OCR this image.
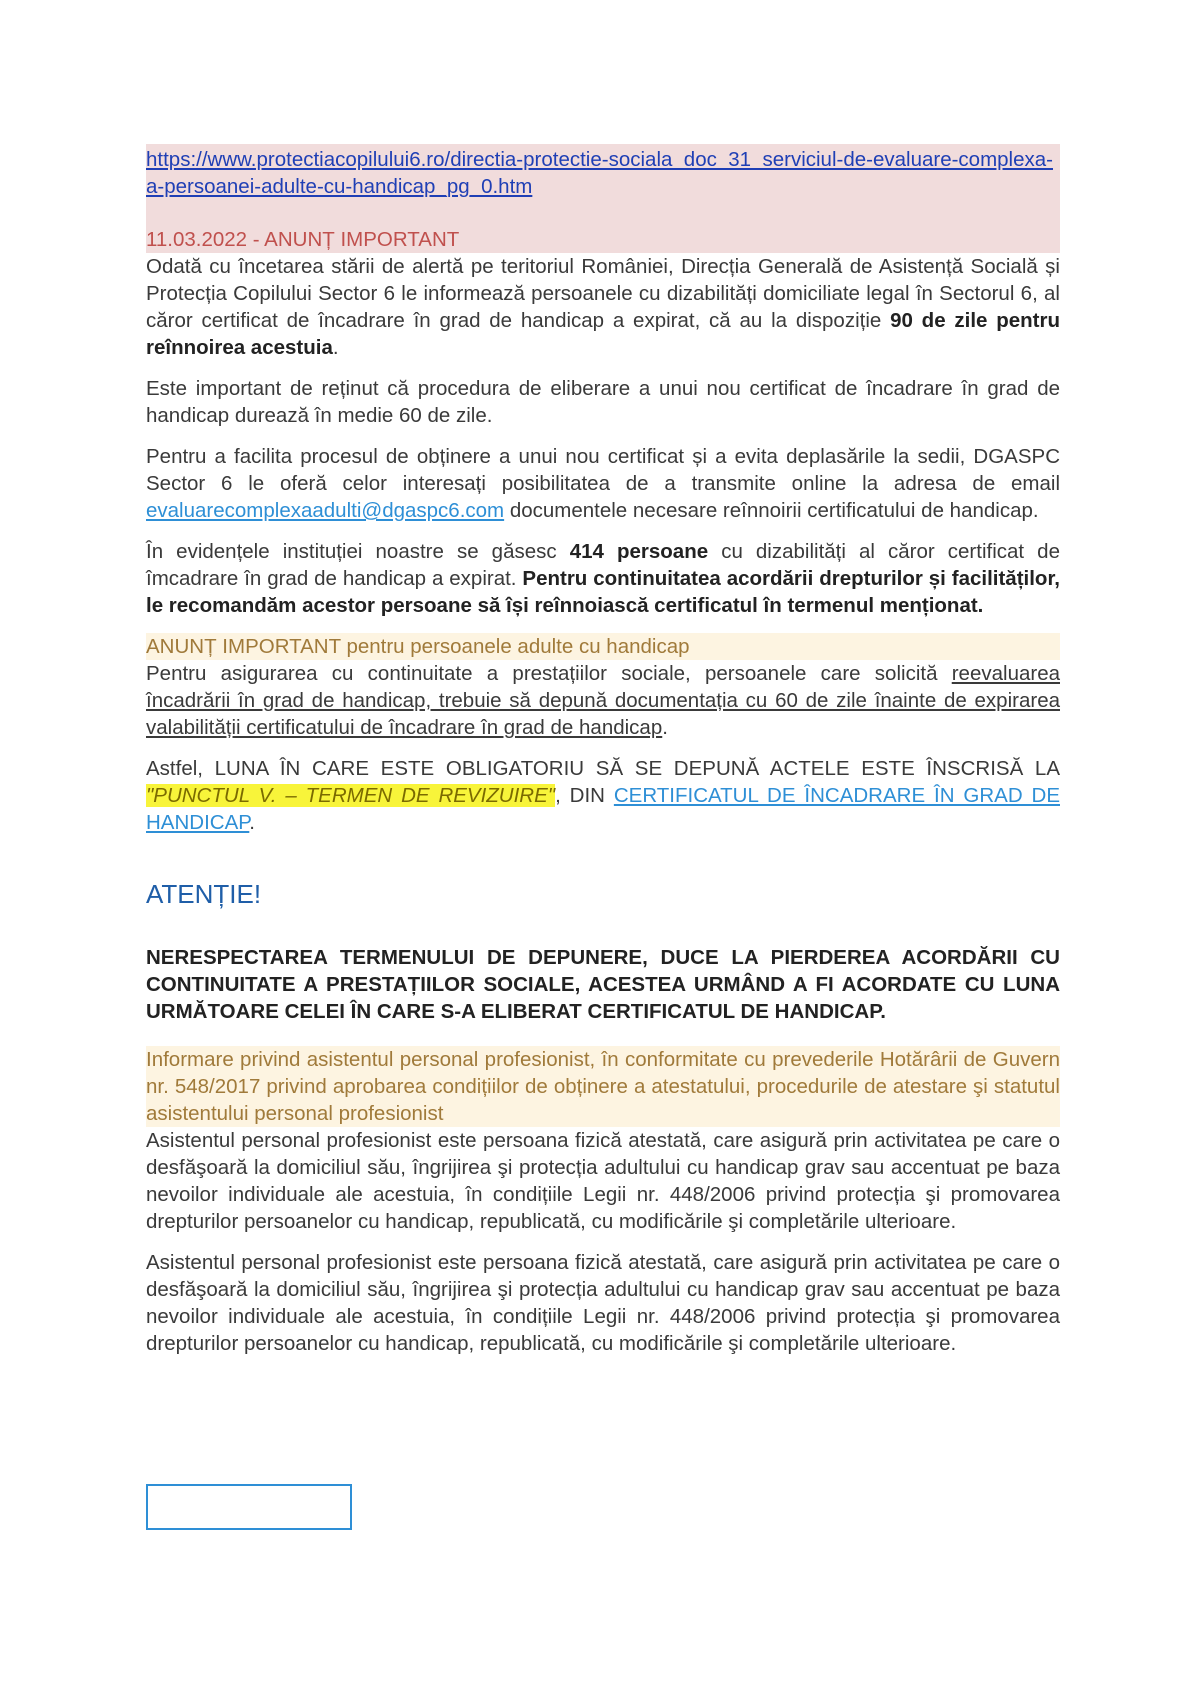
https://www.protectiacopilului6.ro/directia-protectie-sociala_doc_31_serviciul-de-evaluare-complexa-a-persoanei-adulte-cu-handicap_pg_0.htm
11.03.2022 - ANUNȚ IMPORTANT

Odată cu încetarea stării de alertă pe teritoriul României, Direcția Generală de Asistență Socială și Protecția Copilului Sector 6 le informează persoanele cu dizabilități domiciliate legal în Sectorul 6, al căror certificat de încadrare în grad de handicap a expirat, că au la dispoziție 90 de zile pentru reînnoirea acestuia.

Este important de reținut că procedura de eliberare a unui nou certificat de încadrare în grad de handicap durează în medie 60 de zile.

Pentru a facilita procesul de obținere a unui nou certificat și a evita deplasările la sedii, DGASPC Sector 6 le oferă celor interesați posibilitatea de a transmite online la adresa de email evaluarecomplexaadulti@dgaspc6.com documentele necesare reînnoirii certificatului de handicap.

În evidențele instituției noastre se găsesc 414 persoane cu dizabilități al căror certificat de îmcadrare în grad de handicap a expirat. Pentru continuitatea acordării drepturilor și facilităților, le recomandăm acestor persoane să își reînnoiască certificatul în termenul menționat.

ANUNȚ IMPORTANT pentru persoanele adulte cu handicap

Pentru asigurarea cu continuitate a prestațiilor sociale, persoanele care solicită reevaluarea încadrării în grad de handicap, trebuie să depună documentația cu 60 de zile înainte de expirarea valabilității certificatului de încadrare în grad de handicap.

Astfel, LUNA ÎN CARE ESTE OBLIGATORIU SĂ SE DEPUNĂ ACTELE ESTE ÎNSCRISĂ LA "PUNCTUL V. – TERMEN DE REVIZUIRE", DIN CERTIFICATUL DE ÎNCADRARE ÎN GRAD DE HANDICAP.

ATENȚIE!

NERESPECTAREA TERMENULUI DE DEPUNERE, DUCE LA PIERDEREA ACORDĂRII CU CONTINUITATE A PRESTAȚIILOR SOCIALE, ACESTEA URMÂND A FI ACORDATE CU LUNA URMĂTOARE CELEI ÎN CARE S-A ELIBERAT CERTIFICATUL DE HANDICAP.

Informare privind asistentul personal profesionist, în conformitate cu prevederile Hotărârii de Guvern nr. 548/2017 privind aprobarea condițiilor de obținere a atestatului, procedurile de atestare şi statutul asistentului personal profesionist

Asistentul personal profesionist este persoana fizică atestată, care asigură prin activitatea pe care o desfăşoară la domiciliul său, îngrijirea şi protecția adultului cu handicap grav sau accentuat pe baza nevoilor individuale ale acestuia, în condițiile Legii nr. 448/2006 privind protecția şi promovarea drepturilor persoanelor cu handicap, republicată, cu modificările şi completările ulterioare.

Asistentul personal profesionist este persoana fizică atestată, care asigură prin activitatea pe care o desfăşoară la domiciliul său, îngrijirea şi protecția adultului cu handicap grav sau accentuat pe baza nevoilor individuale ale acestuia, în condițiile Legii nr. 448/2006 privind protecția şi promovarea drepturilor persoanelor cu handicap, republicată, cu modificările şi completările ulterioare.
